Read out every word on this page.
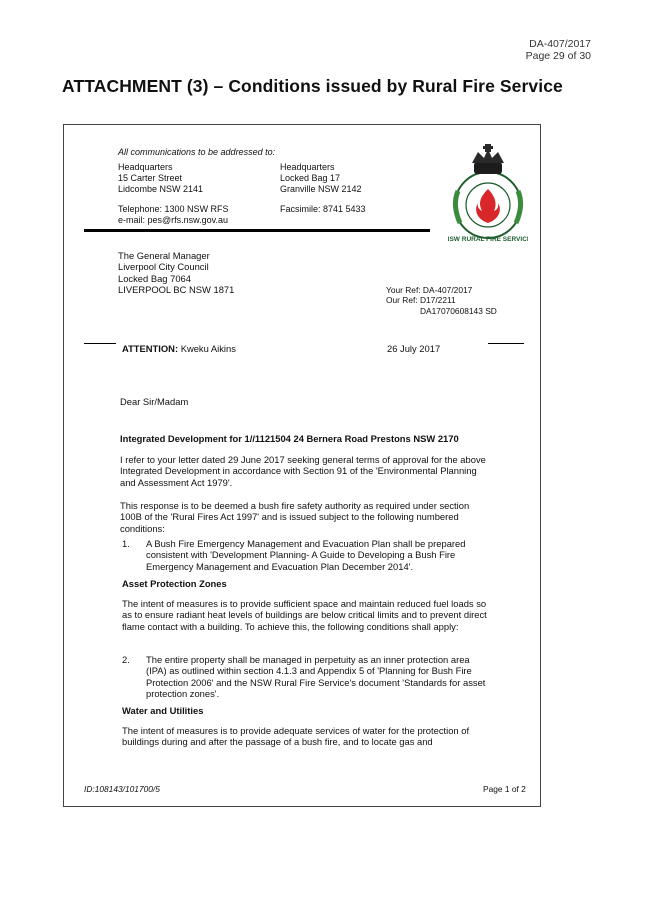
DA-407/2017
Page 29 of 30
ATTACHMENT (3) – Conditions issued by Rural Fire Service
All communications to be addressed to:
Headquarters
15 Carter Street
Lidcombe NSW 2141
Headquarters
Locked Bag 17
Granville NSW 2142
Telephone: 1300 NSW RFS
e-mail: pes@rfs.nsw.gov.au
Facsimile: 8741 5433
NSW RURAL FIRE SERVICE
The General Manager
Liverpool City Council
Locked Bag 7064
LIVERPOOL BC NSW 1871	Your Ref: DA-407/2017
Our Ref: D17/2211
DA17070608143 SD
ATTENTION: Kweku Aikins	26 July 2017
Dear Sir/Madam
Integrated Development for 1//1121504 24 Bernera Road Prestons NSW 2170
I refer to your letter dated 29 June 2017 seeking general terms of approval for the above Integrated Development in accordance with Section 91 of the 'Environmental Planning and Assessment Act 1979'.
This response is to be deemed a bush fire safety authority as required under section 100B of the 'Rural Fires Act 1997' and is issued subject to the following numbered conditions:
1. A Bush Fire Emergency Management and Evacuation Plan shall be prepared consistent with 'Development Planning- A Guide to Developing a Bush Fire Emergency Management and Evacuation Plan December 2014'.
Asset Protection Zones
The intent of measures is to provide sufficient space and maintain reduced fuel loads so as to ensure radiant heat levels of buildings are below critical limits and to prevent direct flame contact with a building. To achieve this, the following conditions shall apply:
2. The entire property shall be managed in perpetuity as an inner protection area (IPA) as outlined within section 4.1.3 and Appendix 5 of 'Planning for Bush Fire Protection 2006' and the NSW Rural Fire Service's document 'Standards for asset protection zones'.
Water and Utilities
The intent of measures is to provide adequate services of water for the protection of buildings during and after the passage of a bush fire, and to locate gas and
ID:108143/101700/5	Page 1 of 2
